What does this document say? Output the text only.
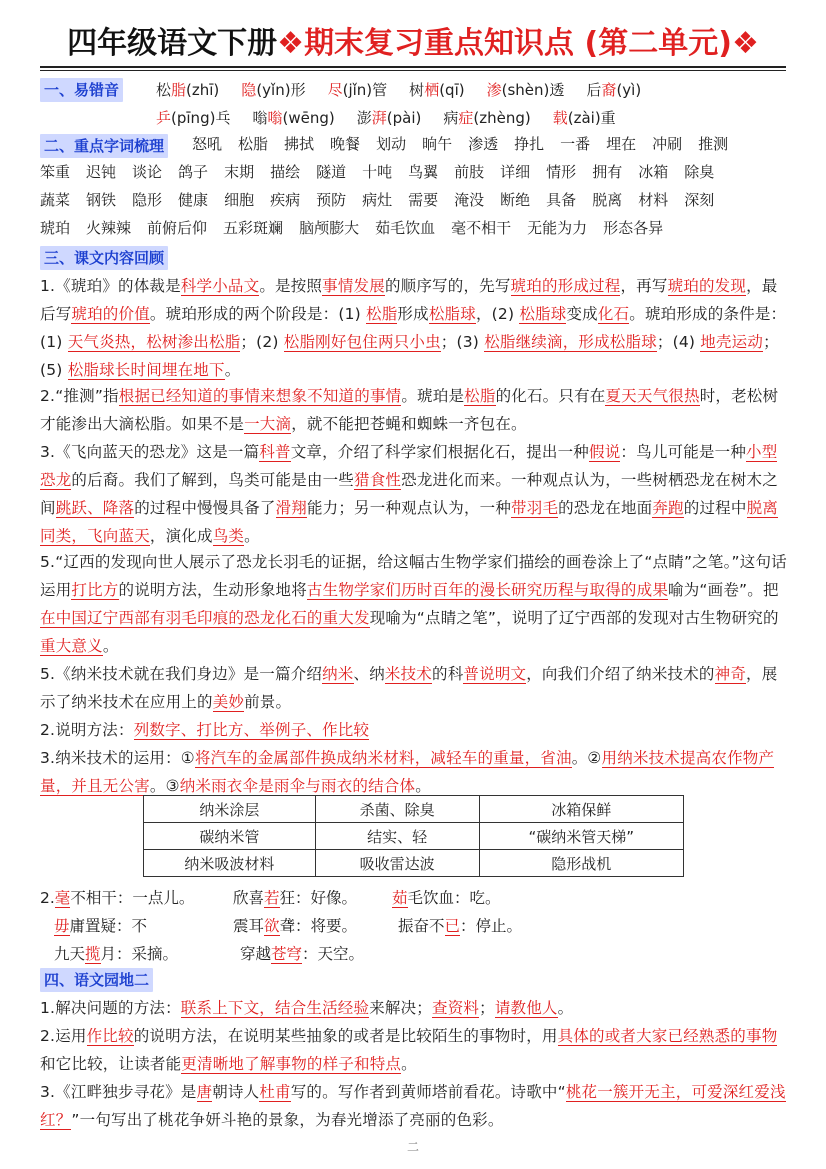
四年级语文下册❖期末复习重点知识点 (第二单元)❖
一、易错音 松脂(zhī) 隐(yǐn)形 尽(jǐn)管 树栖(qī) 渗(shèn)透 后裔(yì)
乒(pīng)乓 嗡嗡(wēng) 澎湃(pài) 病症(zhèng) 载(zài)重
二、重点字词梳理	怒吼 松脂 拂拭 晚餐 划动 晌午 渗透 挣扎 一番 埋在 冲刷 推测
笨重 迟钝 谈论 鸽子 末期 描绘 隧道 十吨 鸟翼 前肢 详细 情形 拥有 冰箱 除臭
蔬菜 钢铁 隐形 健康 细胞 疾病 预防 病灶 需要 淹没 断绝 具备 脱离 材料 深刻
琥珀 火辣辣 前俯后仰 五彩斑斓 脑颅膨大 茹毛饮血 毫不相干 无能为力 形态各异
三、课文内容回顾
1.《琥珀》的体裁是科学小品文。是按照事情发展的顺序写的，先写琥珀的形成过程，再写琥珀的发现，最后写琥珀的价值。琥珀形成的两个阶段是：(1) 松脂形成松脂球，(2) 松脂球变成化石。琥珀形成的条件是：(1) 天气炎热，松树渗出松脂；(2) 松脂刚好包住两只小虫；(3) 松脂继续滴，形成松脂球；(4) 地壳运动；(5) 松脂球长时间埋在地下。
2.“推测”指根据已经知道的事情来想象不知道的事情。琥珀是松脂的化石。只有在夏天天气很热时，老松树才能渗出大滴松脂。如果不是一大滴，就不能把苍蝇和蜘蛛一齐包在。
3.《飞向蓝天的恐龙》这是一篇科普文章，介绍了科学家们根据化石，提出一种假说：鸟儿可能是一种小型恐龙的后裔。我们了解到，鸟类可能是由一些猎食性恐龙进化而来。一种观点认为，一些树栖恐龙在树木之间跳跃、降落的过程中慢慢具备了滑翔能力；另一种观点认为，一种带羽毛的恐龙在地面奔跑的过程中脱离同类，飞向蓝天，演化成鸟类。
5.“辽西的发现向世人展示了恐龙长羽毛的证据，给这幅古生物学家们描绘的画卷涂上了“点睛”之笔。”这句话运用打比方的说明方法，生动形象地将古生物学家们历时百年的漫长研究历程与取得的成果喻为“画卷”。把在中国辽宁西部有羽毛印痕的恐龙化石的重大发现喻为“点睛之笔”，说明了辽宁西部的发现对古生物研究的重大意义。
5.《纳米技术就在我们身边》是一篇介绍纳米、纳米技术的科普说明文，向我们介绍了纳米技术的神奇，展示了纳米技术在应用上的美妙前景。
2.说明方法：列数字、打比方、举例子、作比较
3.纳米技术的运用：①将汽车的金属部件换成纳米材料，减轻车的重量，省油。②用纳米技术提高农作物产量，并且无公害。③纳米雨衣伞是雨伞与雨衣的结合体。
纳米涂层	杀菌、除臭	冰箱保鲜
碳纳米管	结实、轻	“碳纳米管天梯”
纳米吸波材料	吸收雷达波	隐形战机
2.毫不相干：一点儿。 欣喜若狂：好像。 茹毛饮血：吃。
毋庸置疑：不	震耳欲聋：将要。	振奋不已：停止。
九天揽月：采摘。	穿越苍穹：天空。
四、语文园地二
1.解决问题的方法：联系上下文，结合生活经验来解决；查资料；请教他人。
2.运用作比较的说明方法，在说明某些抽象的或者是比较陌生的事物时，用具体的或者大家已经熟悉的事物和它比较，让读者能更清晰地了解事物的样子和特点。
3.《江畔独步寻花》是唐朝诗人杜甫写的。写作者到黄师塔前看花。诗歌中“桃花一簇开无主，可爱深红爱浅红？”一句写出了桃花争妍斗艳的景象，为春光增添了亮丽的色彩。
二
